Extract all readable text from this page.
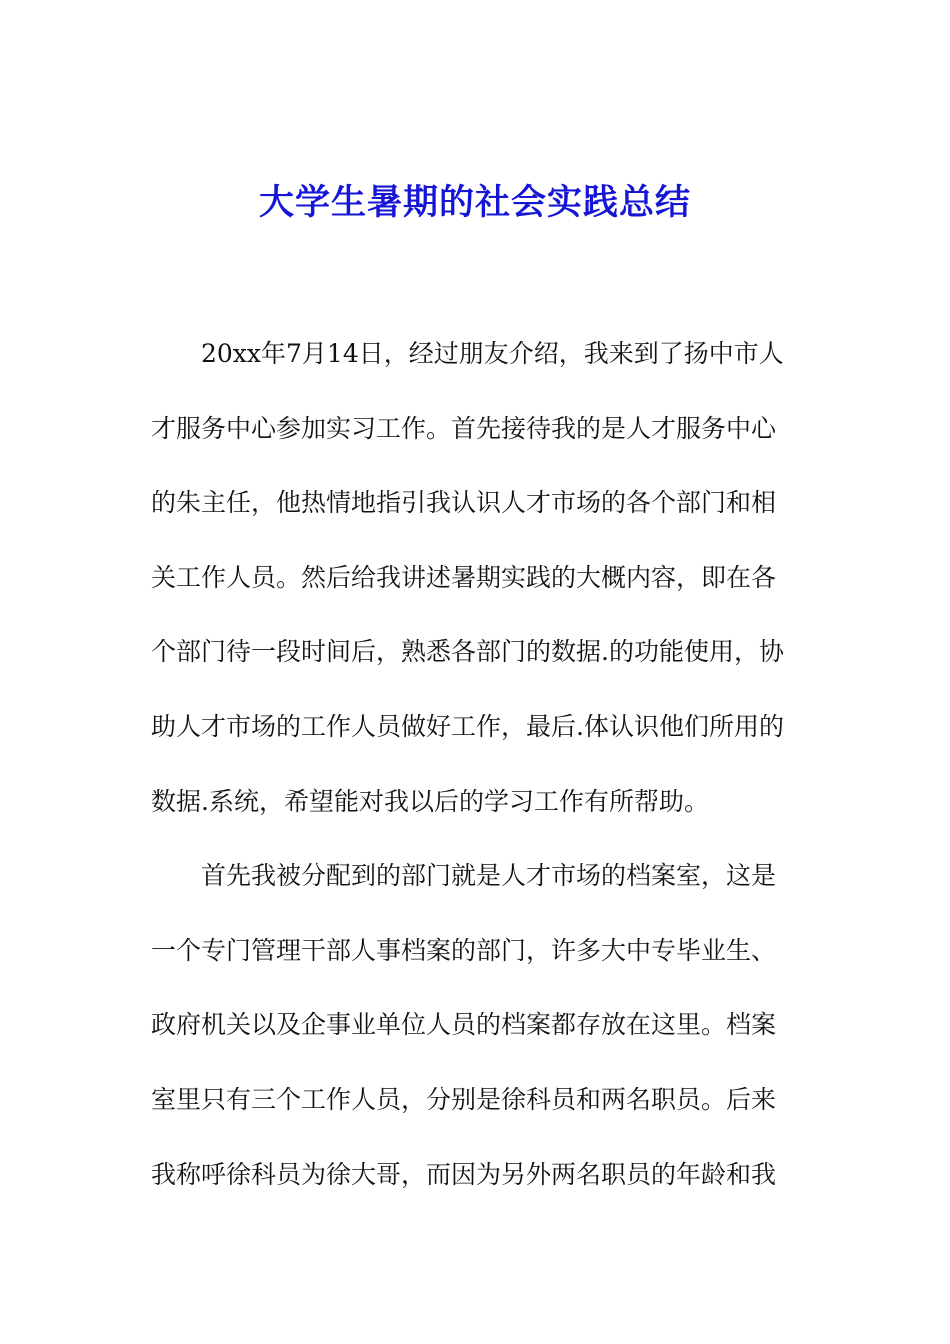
大学生暑期的社会实践总结
20xx年7月14日，经过朋友介绍，我来到了扬中市人
才服务中心参加实习工作。首先接待我的是人才服务中心
的朱主任，他热情地指引我认识人才市场的各个部门和相
关工作人员。然后给我讲述暑期实践的大概内容，即在各
个部门待一段时间后，熟悉各部门的数据.的功能使用，协
助人才市场的工作人员做好工作，最后.体认识他们所用的
数据.系统，希望能对我以后的学习工作有所帮助。
首先我被分配到的部门就是人才市场的档案室，这是
一个专门管理干部人事档案的部门，许多大中专毕业生、
政府机关以及企事业单位人员的档案都存放在这里。档案
室里只有三个工作人员，分别是徐科员和两名职员。后来
我称呼徐科员为徐大哥，而因为另外两名职员的年龄和我
